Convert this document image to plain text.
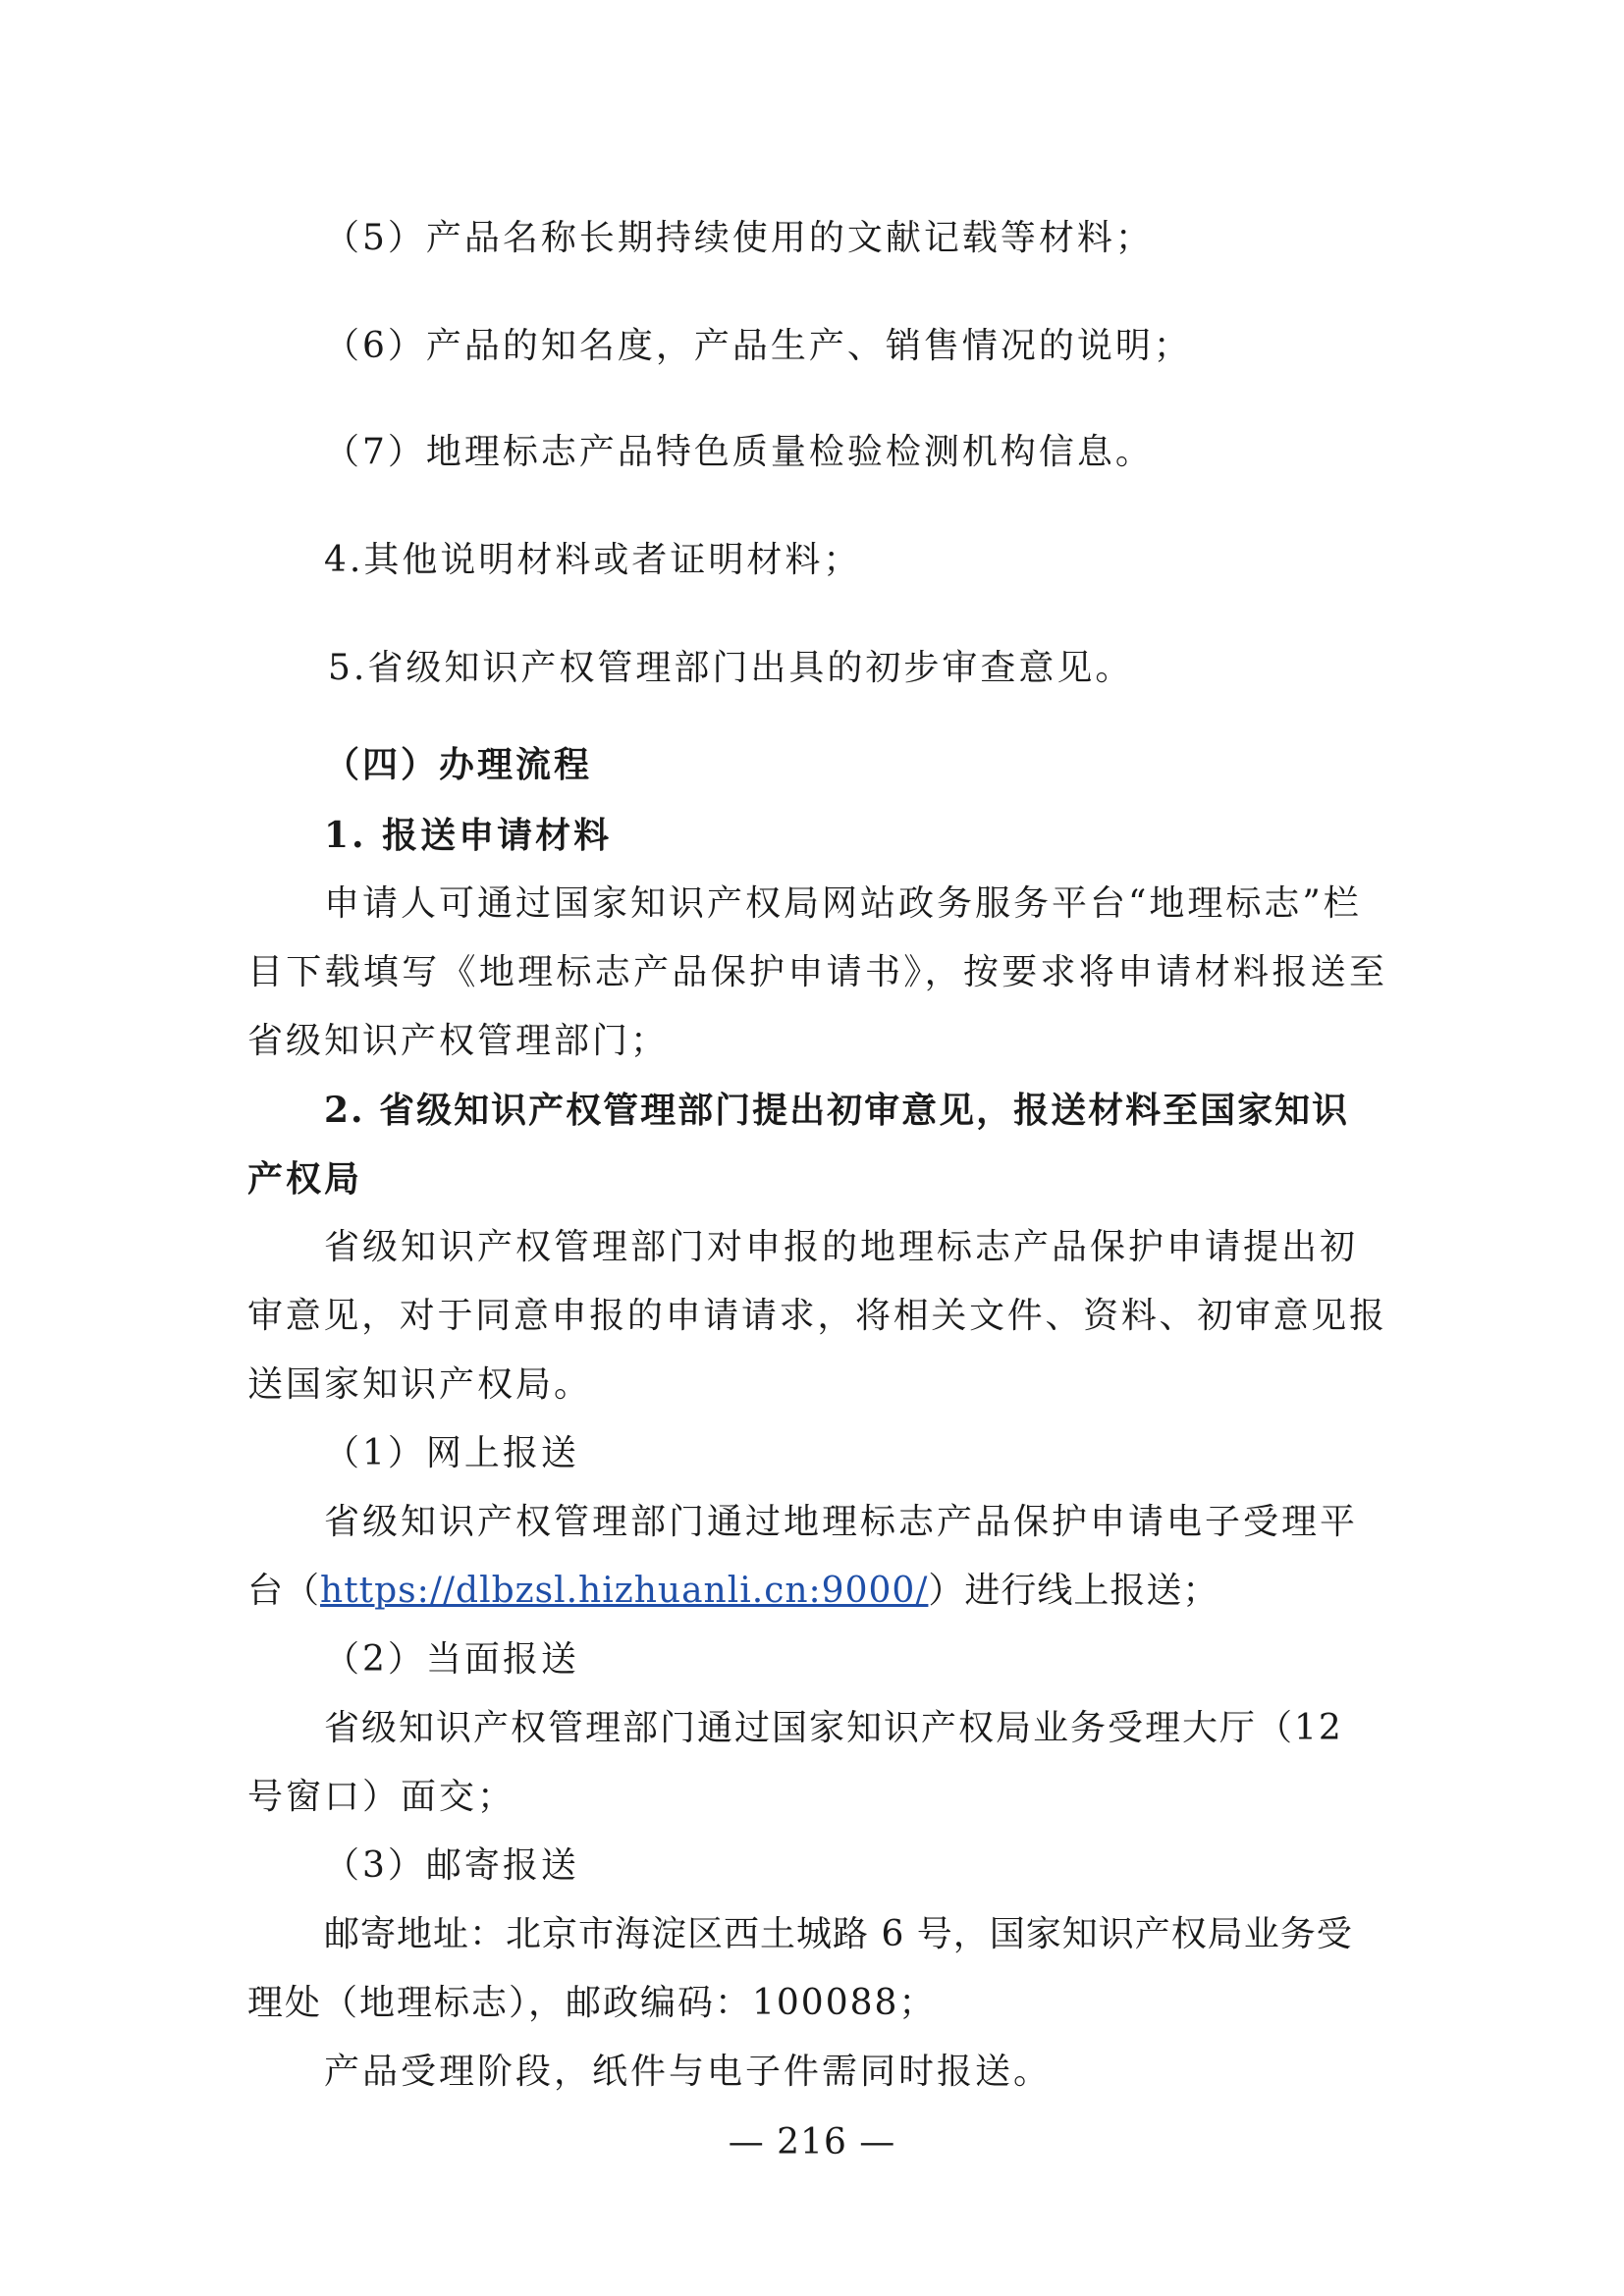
（5）产品名称长期持续使用的文献记载等材料；
（6）产品的知名度，产品生产、销售情况的说明；
（7）地理标志产品特色质量检验检测机构信息。
4.其他说明材料或者证明材料；
5.省级知识产权管理部门出具的初步审查意见。
（四）办理流程
1. 报送申请材料
申请人可通过国家知识产权局网站政务服务平台“地理标志”栏
目下载填写《地理标志产品保护申请书》，按要求将申请材料报送至
省级知识产权管理部门；
2. 省级知识产权管理部门提出初审意见，报送材料至国家知识
产权局
省级知识产权管理部门对申报的地理标志产品保护申请提出初
审意见，对于同意申报的申请请求，将相关文件、资料、初审意见报
送国家知识产权局。
（1）网上报送
省级知识产权管理部门通过地理标志产品保护申请电子受理平
台（https://dlbzsl.hizhuanli.cn:9000/）进行线上报送；
（2）当面报送
省级知识产权管理部门通过国家知识产权局业务受理大厅（12
号窗口）面交；
（3）邮寄报送
邮寄地址：北京市海淀区西土城路 6 号，国家知识产权局业务受
理处（地理标志），邮政编码：100088；
产品受理阶段，纸件与电子件需同时报送。
— 216 —
